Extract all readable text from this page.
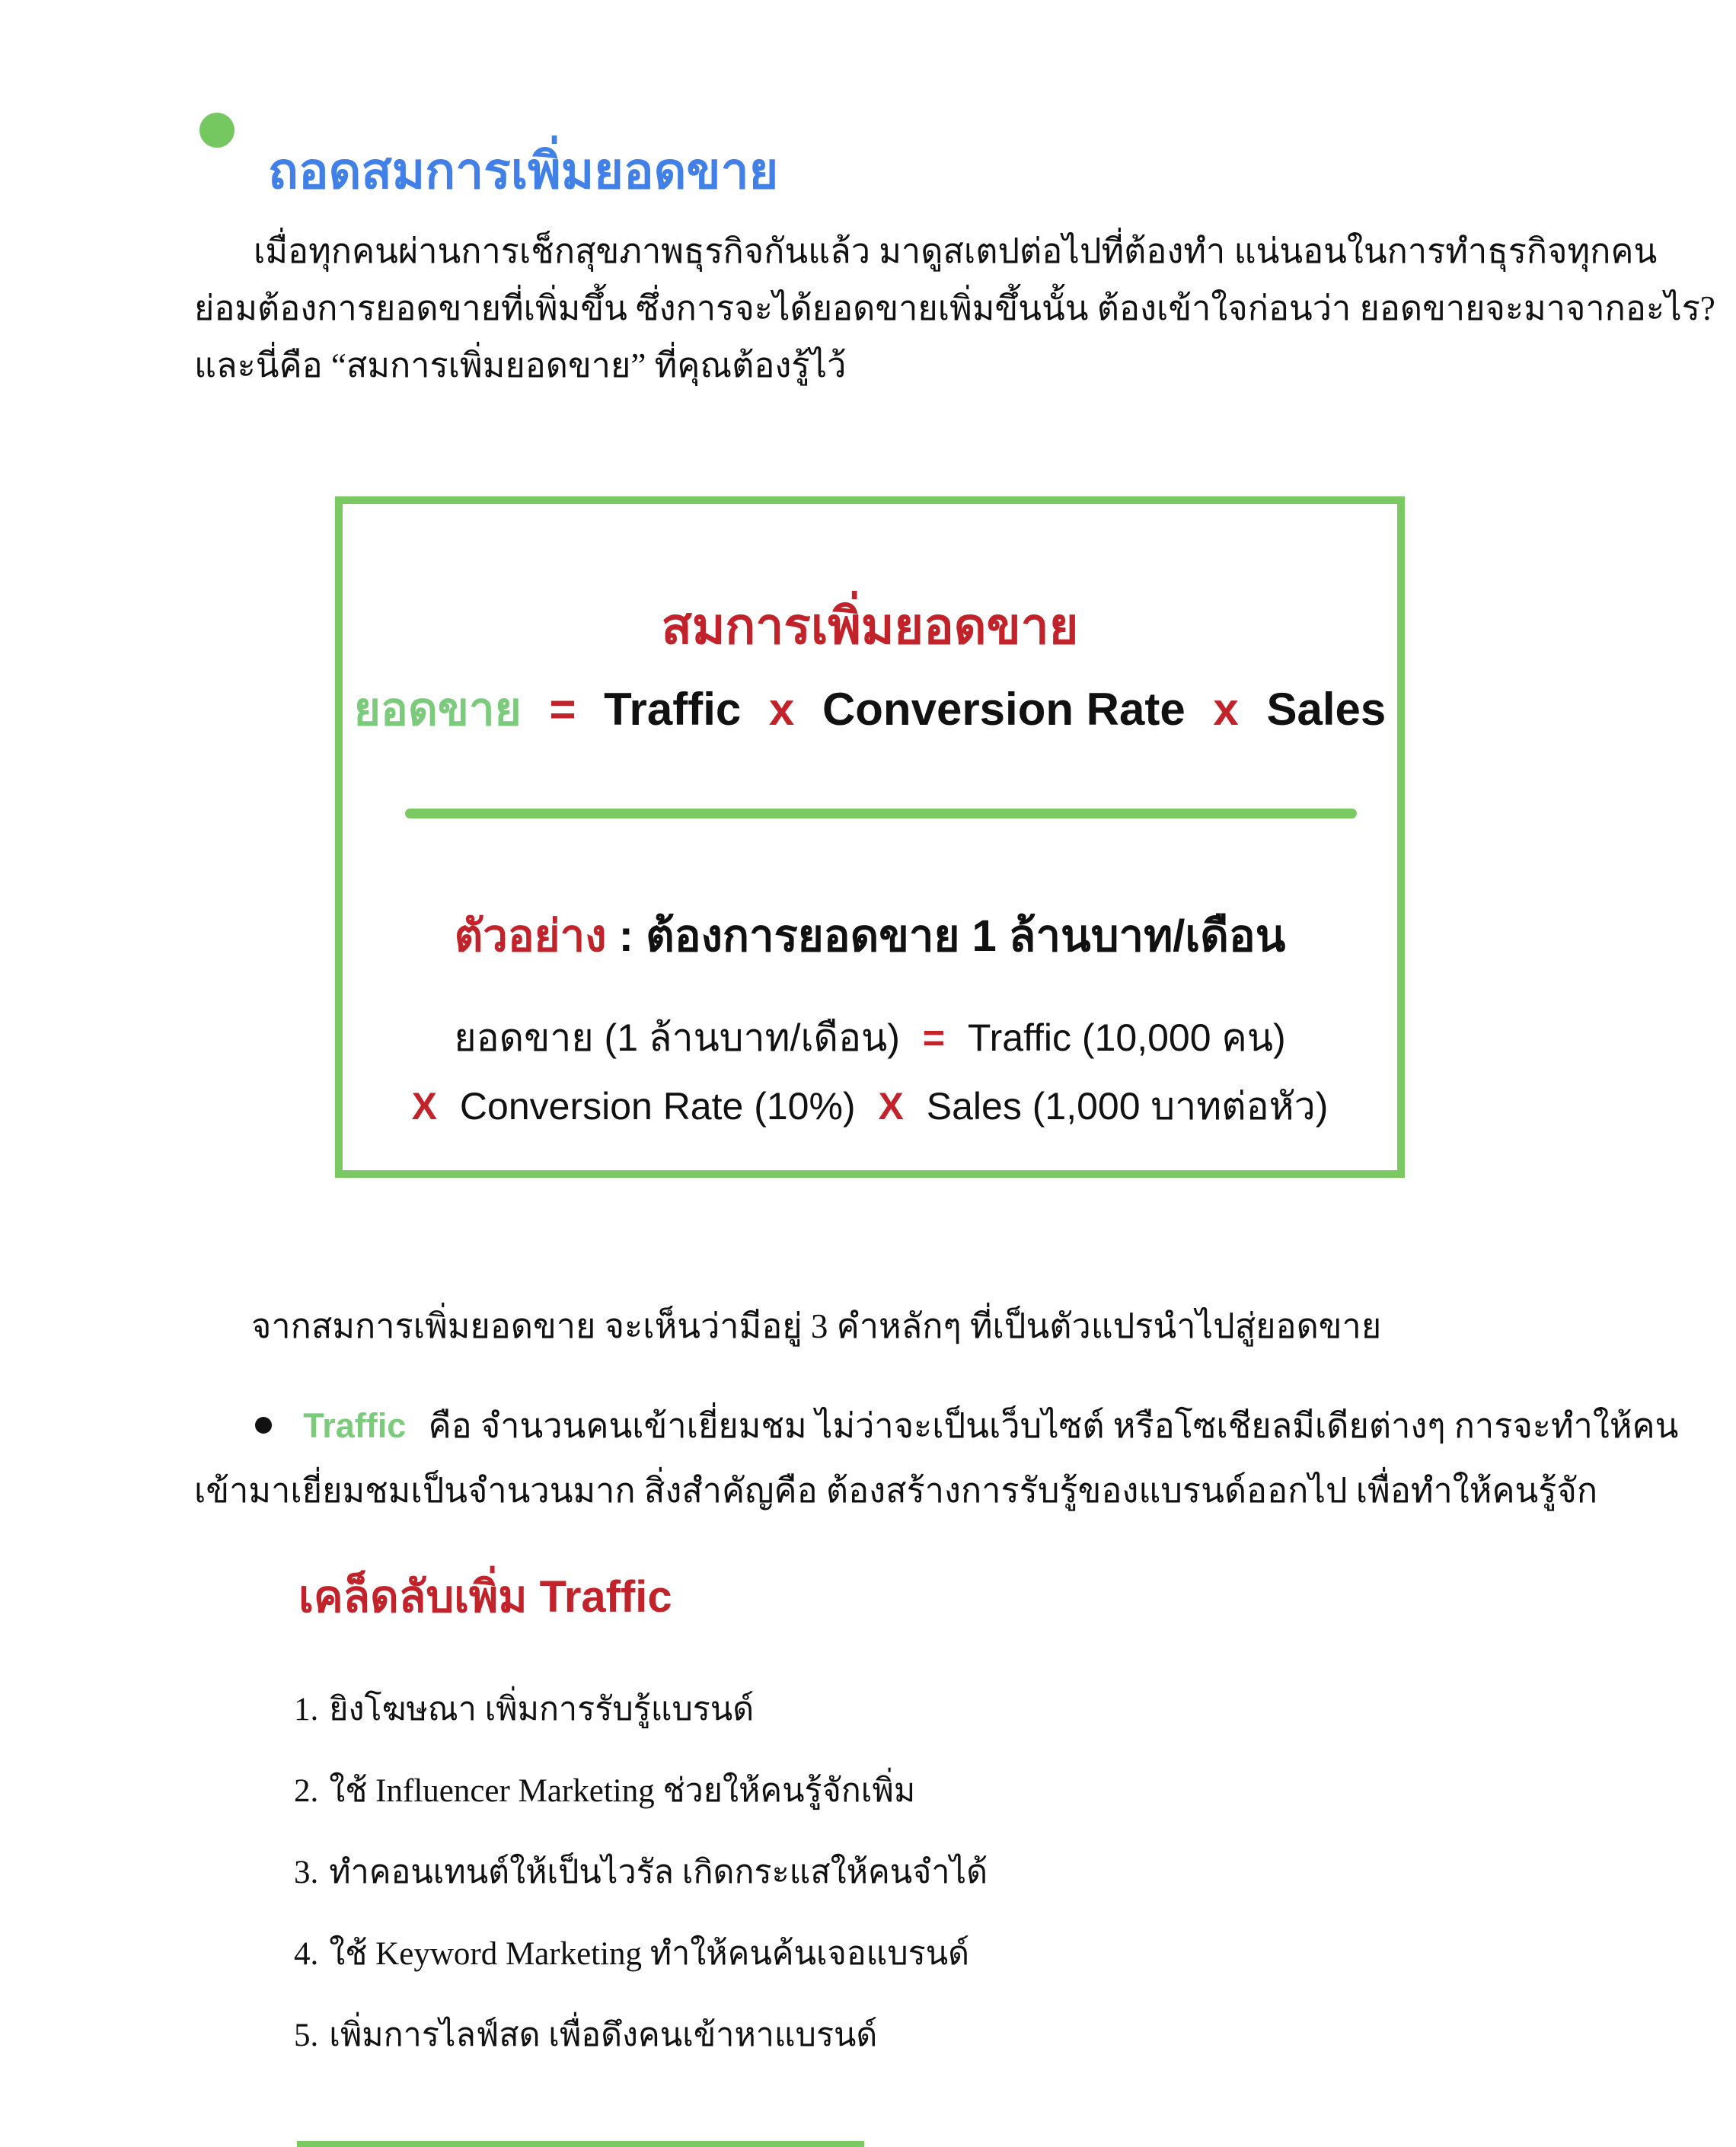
ถอดสมการเพิ่มยอดขาย
เมื่อทุกคนผ่านการเช็กสุขภาพธุรกิจกันแล้ว มาดูสเตปต่อไปที่ต้องทำ แน่นอนในการทำธุรกิจทุกคน
ย่อมต้องการยอดขายที่เพิ่มขึ้น ซึ่งการจะได้ยอดขายเพิ่มขึ้นนั้น ต้องเข้าใจก่อนว่า ยอดขายจะมาจากอะไร?
และนี่คือ “สมการเพิ่มยอดขาย” ที่คุณต้องรู้ไว้
สมการเพิ่มยอดขาย
ยอดขาย = Traffic x Conversion Rate x Sales
ตัวอย่าง : ต้องการยอดขาย 1 ล้านบาท/เดือน
ยอดขาย (1 ล้านบาท/เดือน) = Traffic (10,000 คน)
X Conversion Rate (10%) X Sales (1,000 บาทต่อหัว)
จากสมการเพิ่มยอดขาย จะเห็นว่ามีอยู่ 3 คำหลักๆ ที่เป็นตัวแปรนำไปสู่ยอดขาย
Traffic คือ จำนวนคนเข้าเยี่ยมชม ไม่ว่าจะเป็นเว็บไซต์ หรือโซเชียลมีเดียต่างๆ การจะทำให้คน
เข้ามาเยี่ยมชมเป็นจำนวนมาก สิ่งสำคัญคือ ต้องสร้างการรับรู้ของแบรนด์ออกไป เพื่อทำให้คนรู้จัก
เคล็ดลับเพิ่ม Traffic
1. ยิงโฆษณา เพิ่มการรับรู้แบรนด์
2. ใช้ Influencer Marketing ช่วยให้คนรู้จักเพิ่ม
3. ทำคอนเทนต์ให้เป็นไวรัล เกิดกระแสให้คนจำได้
4. ใช้ Keyword Marketing ทำให้คนค้นเจอแบรนด์
5. เพิ่มการไลฟ์สด เพื่อดึงคนเข้าหาแบรนด์
